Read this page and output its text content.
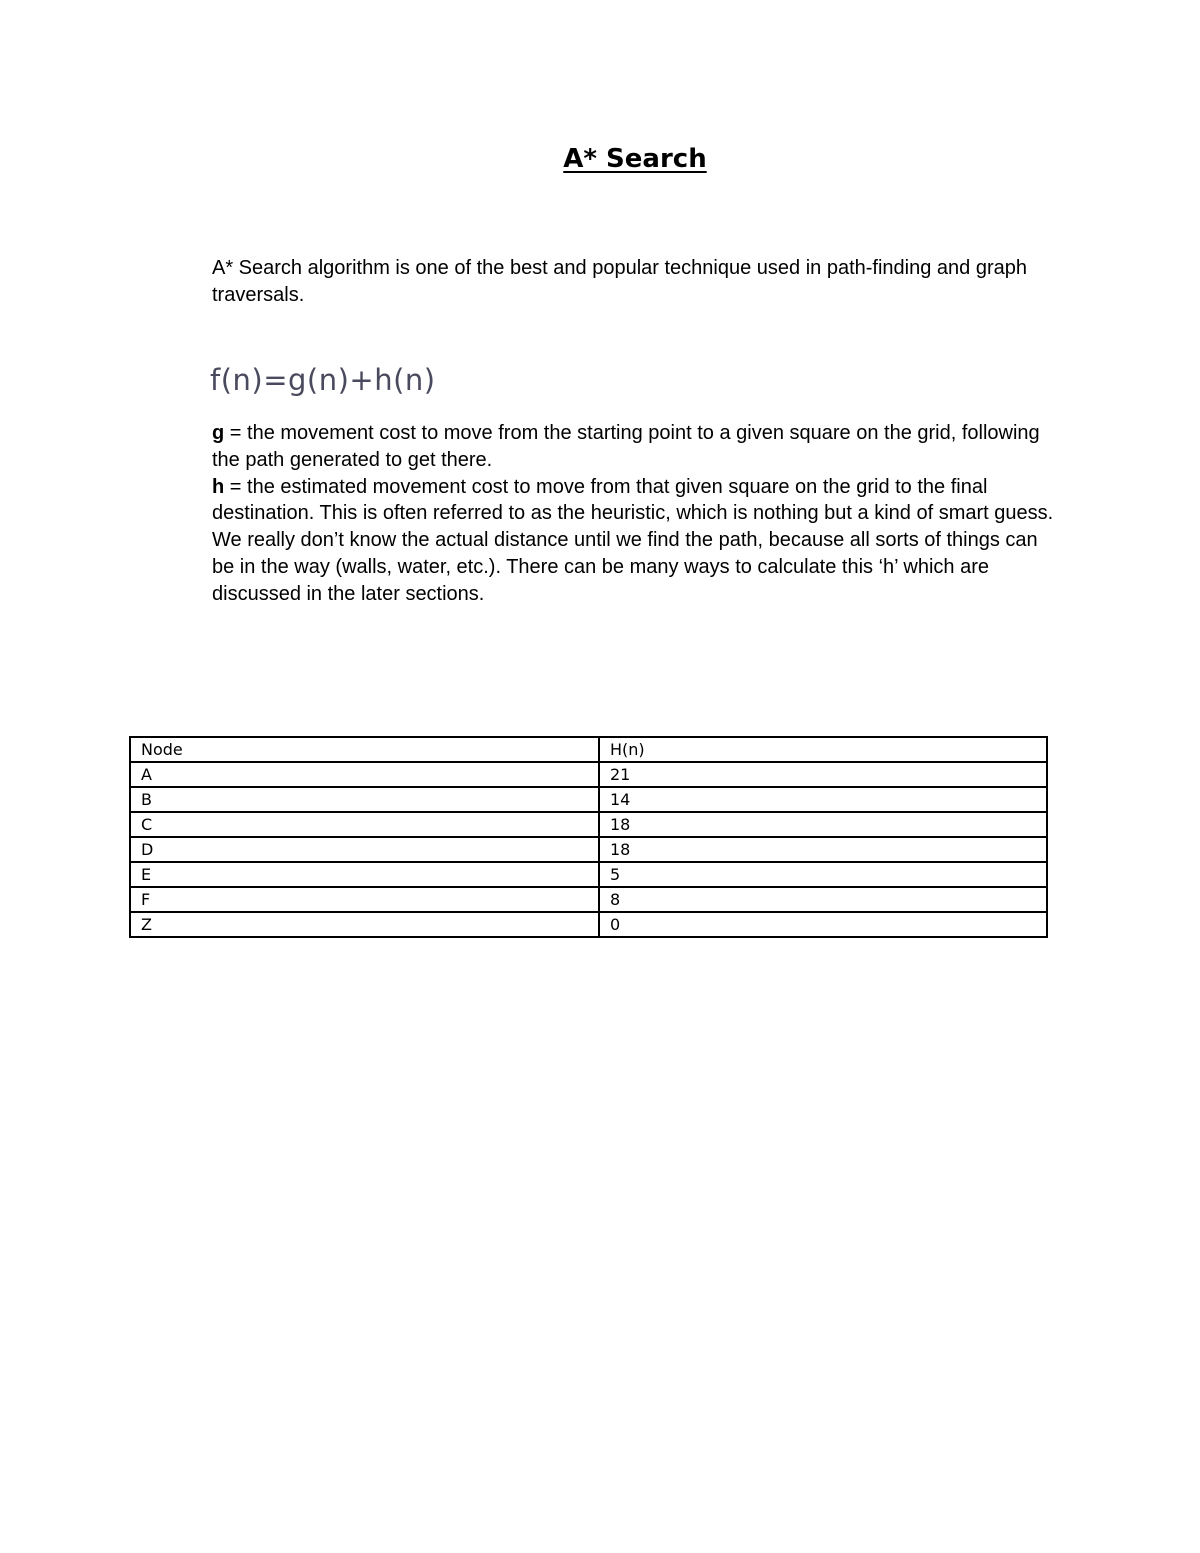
A* Search

A* Search algorithm is one of the best and popular technique used in path-finding and graph traversals.

f(n)=g(n)+h(n)

g = the movement cost to move from the starting point to a given square on the grid, following the path generated to get there.

h = the estimated movement cost to move from that given square on the grid to the final destination. This is often referred to as the heuristic, which is nothing but a kind of smart guess. We really don’t know the actual distance until we find the path, because all sorts of things can be in the way (walls, water, etc.). There can be many ways to calculate this ‘h’ which are discussed in the later sections.

Node	H(n)
A	21
B	14
C	18
D	18
E	5
F	8
Z	0
